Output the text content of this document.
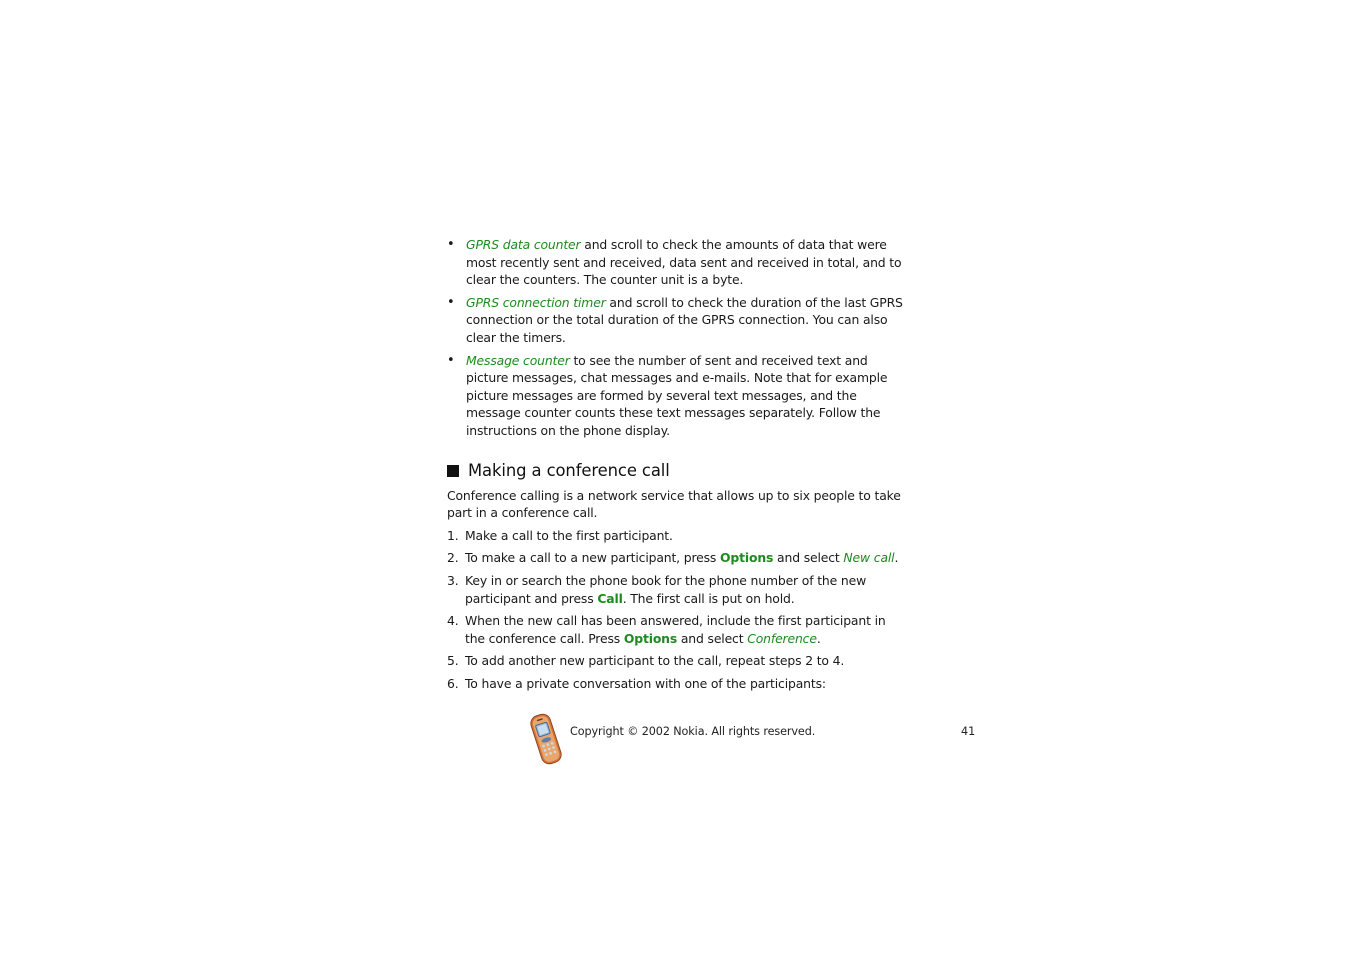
• GPRS data counter and scroll to check the amounts of data that were most recently sent and received, data sent and received in total, and to clear the counters. The counter unit is a byte.
• GPRS connection timer and scroll to check the duration of the last GPRS connection or the total duration of the GPRS connection. You can also clear the timers.
• Message counter to see the number of sent and received text and picture messages, chat messages and e-mails. Note that for example picture messages are formed by several text messages, and the message counter counts these text messages separately. Follow the instructions on the phone display.
Making a conference call

Conference calling is a network service that allows up to six people to take part in a conference call.

1. Make a call to the first participant.
2. To make a call to a new participant, press Options and select New call.
3. Key in or search the phone book for the phone number of the new participant and press Call. The first call is put on hold.
4. When the new call has been answered, include the first participant in the conference call. Press Options and select Conference.
5. To add another new participant to the call, repeat steps 2 to 4.
6. To have a private conversation with one of the participants:
Copyright © 2002 Nokia. All rights reserved.	41
